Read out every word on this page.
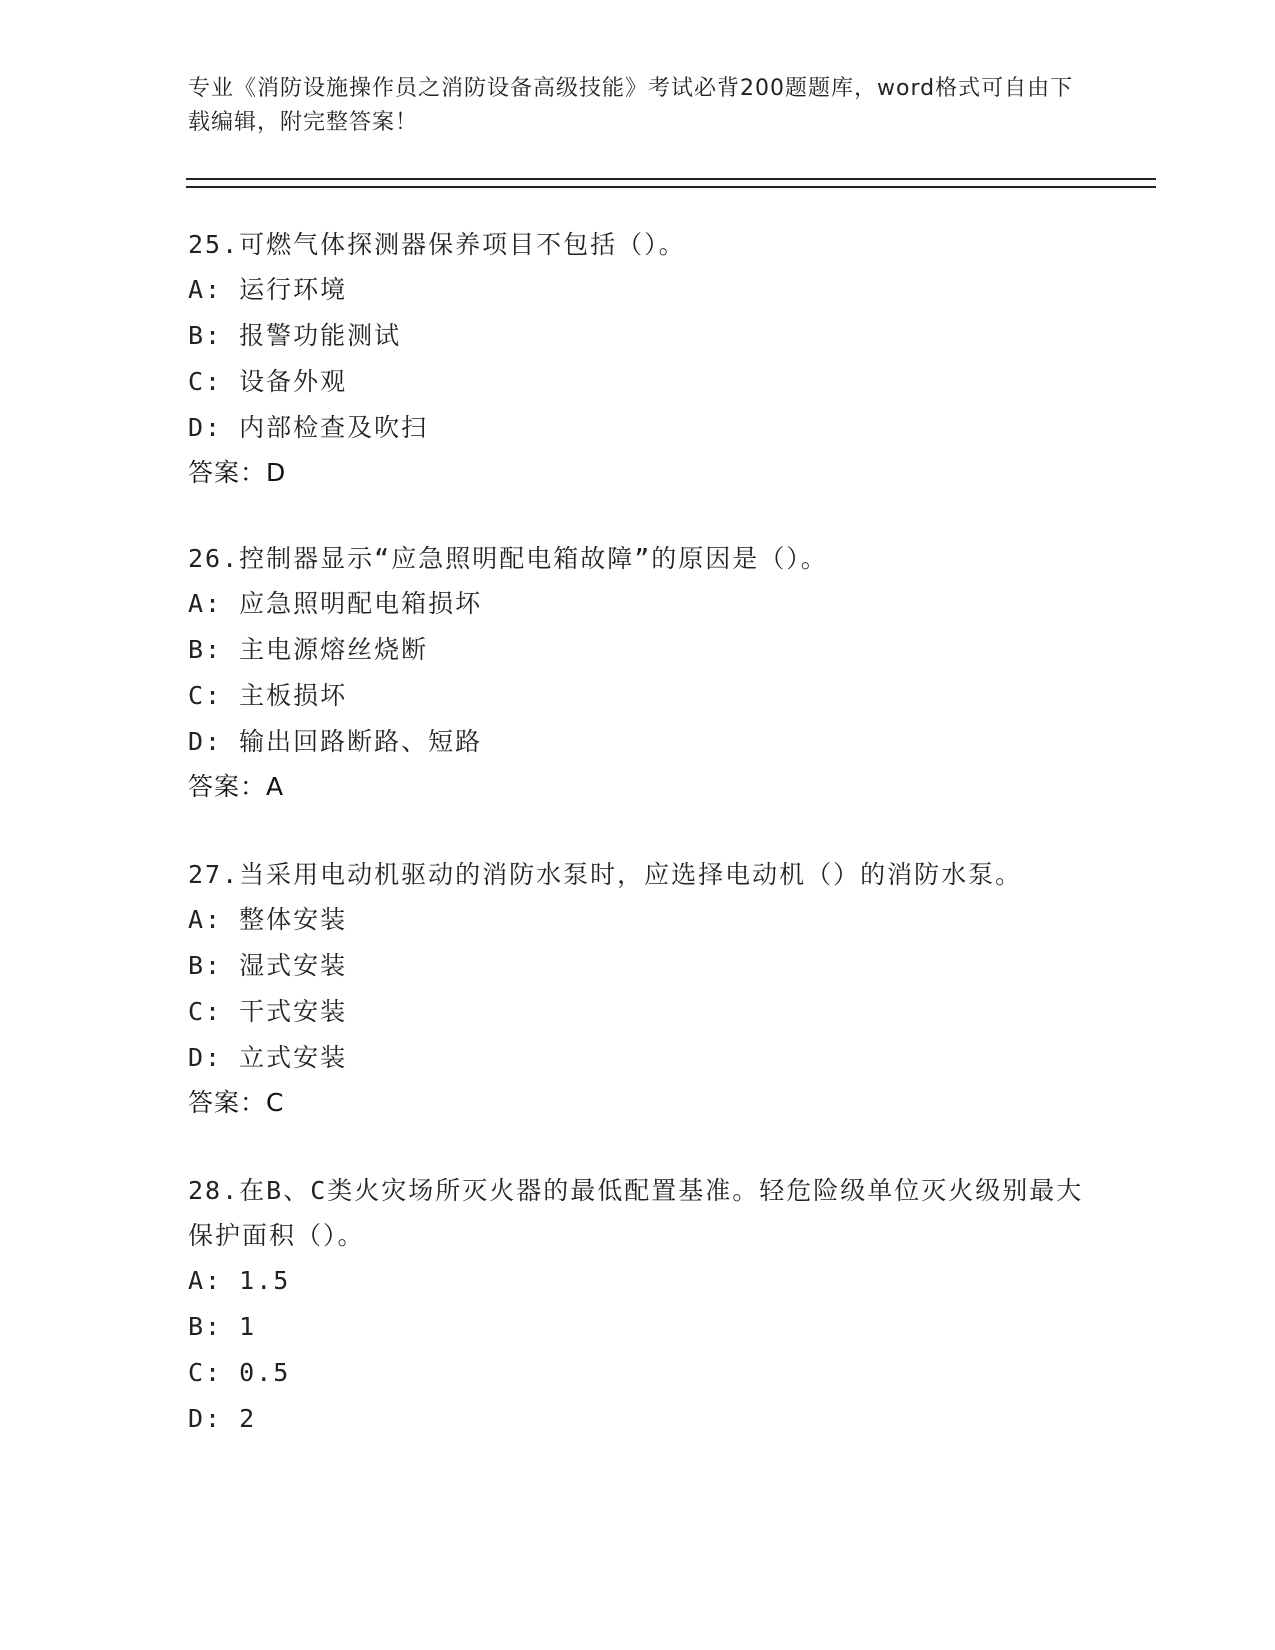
专业《消防设施操作员之消防设备高级技能》考试必背200题题库，word格式可自由下载编辑，附完整答案！

25.可燃气体探测器保养项目不包括（）。

A: 运行环境

B: 报警功能测试

C: 设备外观

D: 内部检查及吹扫

答案：D

26.控制器显示“应急照明配电箱故障”的原因是（）。

A: 应急照明配电箱损坏

B: 主电源熔丝烧断

C: 主板损坏

D: 输出回路断路、短路

答案：A

27.当采用电动机驱动的消防水泵时，应选择电动机（）的消防水泵。

A: 整体安装

B: 湿式安装

C: 干式安装

D: 立式安装

答案：C

28.在B、C类火灾场所灭火器的最低配置基准。轻危险级单位灭火级别最大保护面积（）。

A: 1.5

B: 1

C: 0.5

D: 2
